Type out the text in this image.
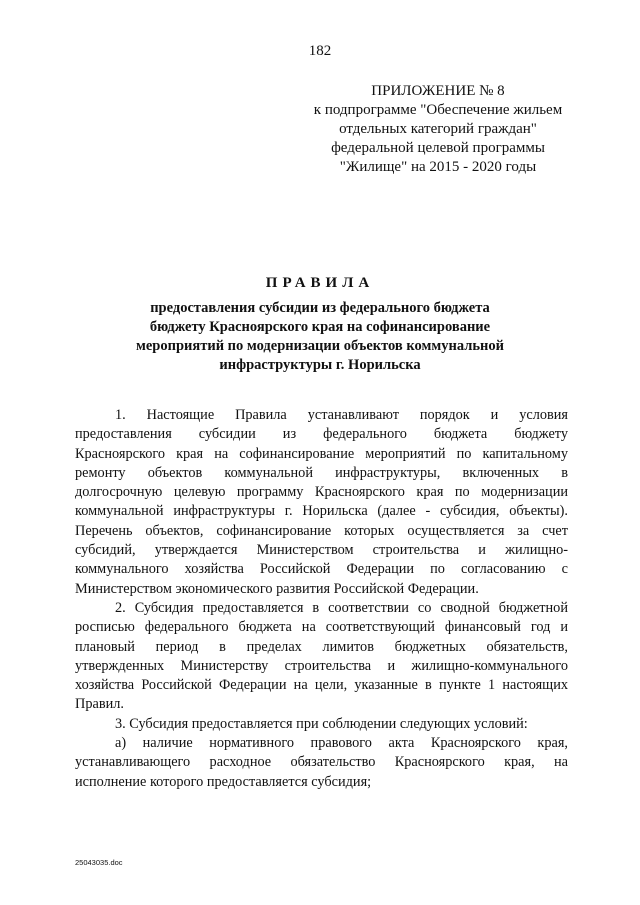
182
ПРИЛОЖЕНИЕ № 8
к подпрограмме "Обеспечение жильем
отдельных категорий граждан"
федеральной целевой программы
"Жилище" на 2015 - 2020 годы
ПРАВИЛА
предоставления субсидии из федерального бюджета
бюджету Красноярского края на софинансирование
мероприятий по модернизации объектов коммунальной
инфраструктуры г. Норильска
1. Настоящие Правила устанавливают порядок и условия
предоставления субсидии из федерального бюджета бюджету
Красноярского края на софинансирование мероприятий по капитальному
ремонту объектов коммунальной инфраструктуры, включенных в
долгосрочную целевую программу Красноярского края по модернизации
коммунальной инфраструктуры г. Норильска (далее - субсидия, объекты).
Перечень объектов, софинансирование которых осуществляется за счет
субсидий, утверждается Министерством строительства и жилищно-
коммунального хозяйства Российской Федерации по согласованию с
Министерством экономического развития Российской Федерации.
2. Субсидия предоставляется в соответствии со сводной бюджетной
росписью федерального бюджета на соответствующий финансовый год и
плановый период в пределах лимитов бюджетных обязательств,
утвержденных Министерству строительства и жилищно-коммунального
хозяйства Российской Федерации на цели, указанные в пункте 1 настоящих
Правил.
3. Субсидия предоставляется при соблюдении следующих условий:
а) наличие нормативного правового акта Красноярского края,
устанавливающего расходное обязательство Красноярского края, на
исполнение которого предоставляется субсидия;
25043035.doc
